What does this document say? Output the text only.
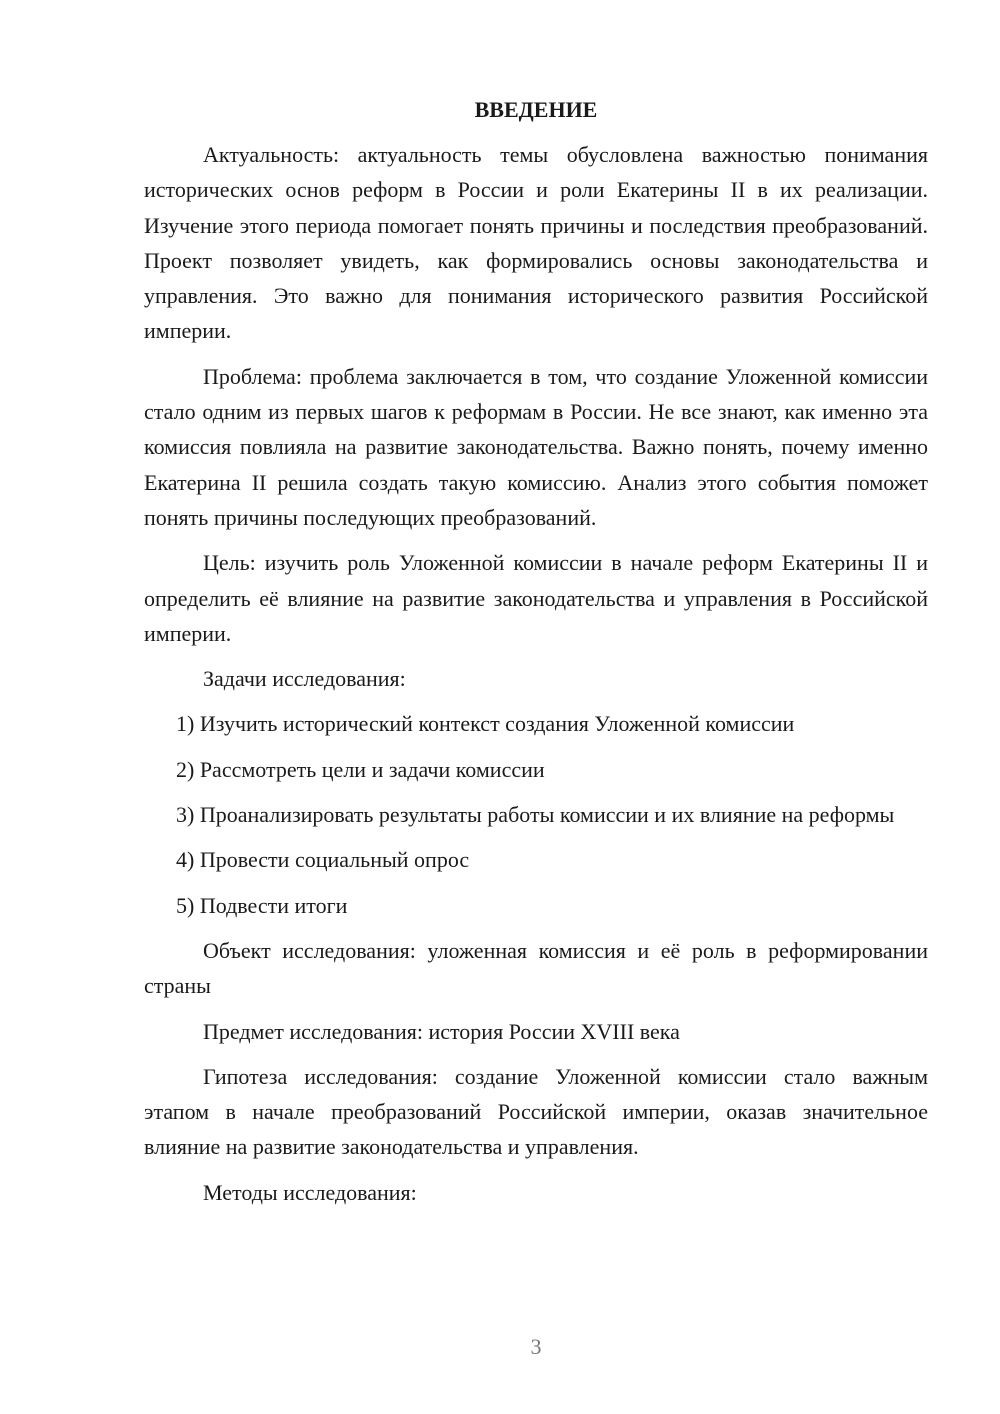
ВВЕДЕНИЕ

Актуальность: актуальность темы обусловлена важностью понимания исторических основ реформ в России и роли Екатерины II в их реализации. Изучение этого периода помогает понять причины и последствия преобразований. Проект позволяет увидеть, как формировались основы законодательства и управления. Это важно для понимания исторического развития Российской империи.

Проблема: проблема заключается в том, что создание Уложенной комиссии стало одним из первых шагов к реформам в России. Не все знают, как именно эта комиссия повлияла на развитие законодательства. Важно понять, почему именно Екатерина II решила создать такую комиссию. Анализ этого события поможет понять причины последующих преобразований.

Цель: изучить роль Уложенной комиссии в начале реформ Екатерины II и определить её влияние на развитие законодательства и управления в Российской империи.

Задачи исследования:

1) Изучить исторический контекст создания Уложенной комиссии

2) Рассмотреть цели и задачи комиссии

3) Проанализировать результаты работы комиссии и их влияние на реформы

4) Провести социальный опрос

5) Подвести итоги

Объект исследования: уложенная комиссия и её роль в реформировании страны

Предмет исследования: история России XVIII века

Гипотеза исследования: создание Уложенной комиссии стало важным этапом в начале преобразований Российской империи, оказав значительное влияние на развитие законодательства и управления.

Методы исследования:

3
